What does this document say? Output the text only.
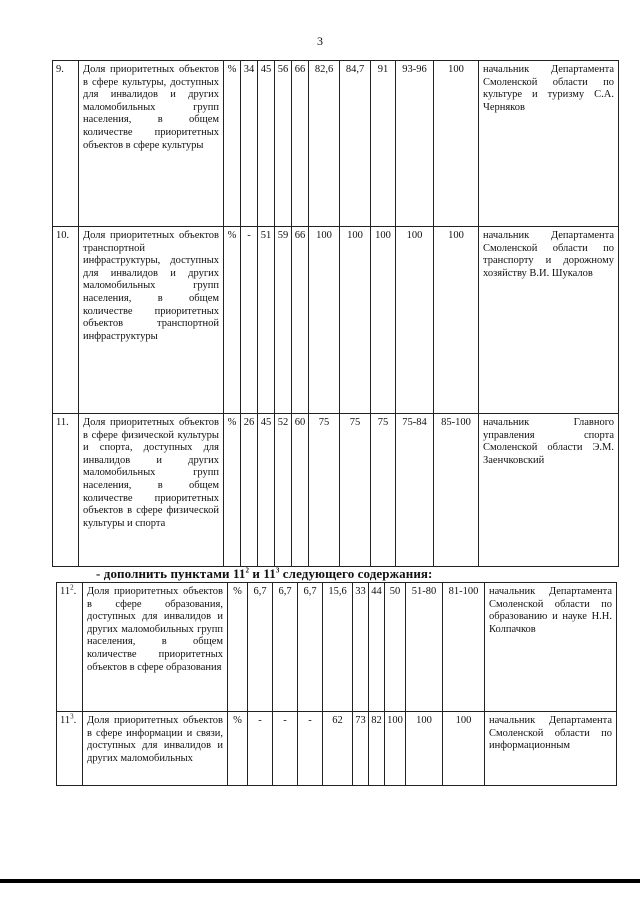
3
9.	Доля приоритетных объектов в сфере культуры, доступных для инвалидов и других маломобильных групп населения, в общем количестве приоритетных объектов в сфере культуры	%	34	45	56	66	82,6	84,7	91	93-96	100	начальник Департамента Смоленской области по культуре и туризму С.А. Черняков
10.	Доля приоритетных объектов транспортной инфраструктуры, доступных для инвалидов и других маломобильных групп населения, в общем количестве приоритетных объектов транспортной инфраструктуры	%	-	51	59	66	100	100	100	100	100	начальник Департамента Смоленской области по транспорту и дорожному хозяйству В.И. Шукалов
11.	Доля приоритетных объектов в сфере физической культуры и спорта, доступных для инвалидов и других маломобильных групп населения, в общем количестве приоритетных объектов в сфере физической культуры и спорта	%	26	45	52	60	75	75	75	75-84	85-100	начальник Главного управления спорта Смоленской области Э.М. Заенчковский
- дополнить пунктами $11^2$ и $11^3$ следующего содержания:
$11^2$.	Доля приоритетных объектов в сфере образования, доступных для инвалидов и других маломобильных групп населения, в общем количестве приоритетных объектов в сфере образования	%	6,7	6,7	6,7	15,6	33	44	50	51-80	81-100	начальник Департамента Смоленской области по образованию и науке Н.Н. Колпачков
$11^3$.	Доля приоритетных объектов в сфере информации и связи, доступных для инвалидов и других маломобильных	%	-	-	-	62	73	82	100	100	100	начальник Департамента Смоленской области по информационным
